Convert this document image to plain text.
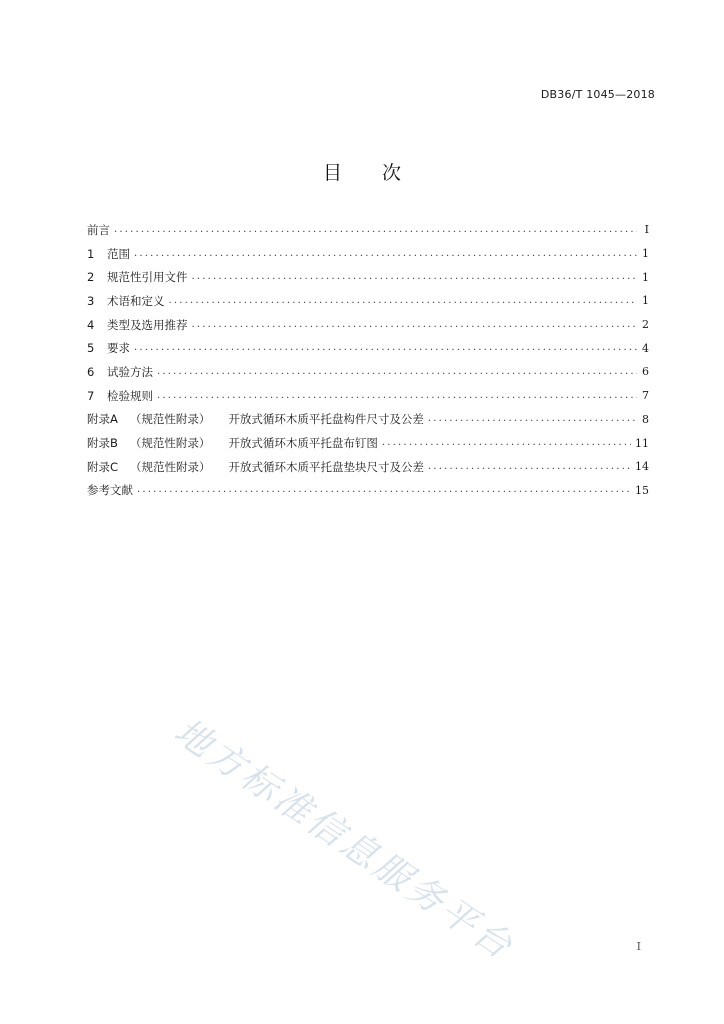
DB36/T 1045—2018
目 次
前言 .....	I
1 范围 .....	1
2 规范性引用文件 .....	1
3 术语和定义 .....	1
4 类型及选用推荐 .....	2
5 要求 .....	4
6 试验方法 .....	6
7 检验规则 .....	7
附录A （规范性附录） 开放式循环木质平托盘构件尺寸及公差 .....	8
附录B （规范性附录） 开放式循环木质平托盘布钉图 .....	11
附录C （规范性附录） 开放式循环木质平托盘垫块尺寸及公差 .....	14
参考文献 .....	15
地方标准信息服务平台	I
